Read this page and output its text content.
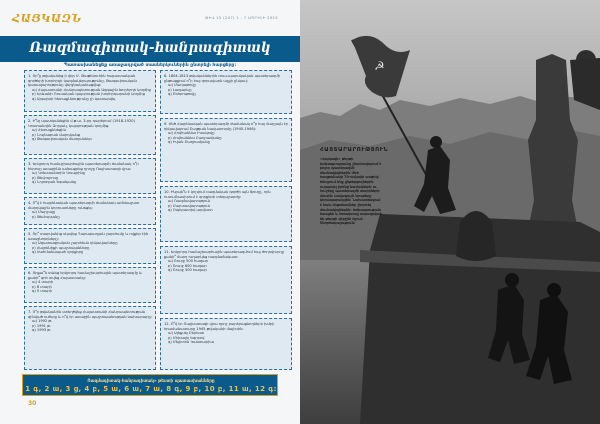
ՀԱՅԿԱԶՆ	ԹԻՎ 15 (207) 1 - 7 ԱՊՐԻԼԻ 2015
Ռազմագիտակ-հանրագիտակ
Պատասխանեցեք առաջադրված տասներկուներին ընտրելի հարցերը:
1. Որ՞ը թվականից ի վեր Մ. Թաթենուհին հայաստանյան գործերի խորհրդի կազմակերպությունը, Թագավորական կառավարությունը վերջնականացվեց:
ա) Հայաստանի Հանրապետության Ազգային Խորհրդի կողմից
բ) Երևանի Ռուսական կայսրության խորհրդարանի կողմից
գ) Այդպիսի հետաքննությունը չի կատարվել
2. Ի՞նչ պատկանեցին մ.թ.ա. 3-րդ դարերում (1918-1920) Կոստանդին Զորյակ, կայսրության կողմից.
ա) Հետաքննեցին
բ) Նույնաբան մարդկանց
գ) Թագավորական մատյաններ
3. Երկրորդ համաշխարհային պատերազմի ժամանակ ո՞ր հերոսը առաջինն ամրացրեց դրոշը Ռայխստագի վրա:
ա) Կոնստանտին Կուպրինը
բ) Թեվոդրոսը
գ) Նոյոտյան Եգանյանը
4. Ո՞վ է հայրենական պատերազմի ժամանակ ամենաշատ մարդկային կորուստները ունեցել:
ա) Մարշալը
բ) Թեմուրյանը
5. Որ՞ տարվանից սկսվեց Ղարաբաղյան շարժումը և ովքեր էին առաջնորդները:
ա) Ազատագրական շարժման ղեկավարները
բ) Հայրենիքի պաշտպանները
գ) Սահմանապահ զորքերը
6. Որքա՞ն տևեց երկրորդ համաշխարհային պատերազմը և քանի՞ զոհ տվեց Հայաստանը:
ա) 4 տարի
բ) 6 տարի
գ) 5 տարի
7. Ո՞ր թվականին ստեղծվեց Հայաստանի Հանրապետության զինված ուժերը և ո՞վ էր առաջին պաշտպանության նախարարը:
ա) 1992 թ.
բ) 1991 թ.
գ) 1993 թ.
8. 1804-1813 թվականներին ռուս-պարսկական պատերազմի ընթացքում ո՞ր հայ զորավարն աչքի ընկավ:
ա) Մադաթովը
բ) Լազարևը
գ) Բեհբութովը
9. Մեծ Հայրենական պատերազմի ժամանակ ո՞ր հայ մարշալն էր ղեկավարում Բալթյան նավատորմը (1945-1946):
ա) Հովհաննես Իսակովը
բ) Հովհաննես Բաղրամյանը
գ) Իվան Բաղրամյանը
10. Ինչպե՞ս է կոչվում ռազմական գործի այն ճյուղը, որն ուսումնասիրում է զորքերի տեղաշարժը:
ա) Ռազմավարություն
բ) Մարտավարություն
գ) Օպերատիվ արվեստ
11. Երկրորդ համաշխարհային պատերազմում հայ ժողովուրդը քանի՞ մարդ ուղարկեց ռազմաճակատ:
ա) Շուրջ 500 հազար
բ) Շուրջ 600 հազար
գ) Շուրջ 300 հազար
12. Ո՞վ էր Ռայխստագի վրա դրոշ բարձրացնողների խմբի հրամանատարը 1945 թվականի մայիսին:
ա) Ալեքսեյ Բերեստ
բ) Միխայիլ Եգորով
գ) Մելիտոն Կանտարիա
Ռազմագիտակ-հանրագիտակ» թեստի պատասխանները
1 գ, 2 ա, 3 ց, 4 բ, 5 ա, 6 ա, 7 ա, 8 գ, 9 բ, 10 բ, 11 ա, 12 գ:
30
☭
ՀԱՅՏԱՐԱՐՈՒԹՅՈՒՆ
«Հայկազն» թերթի խմբագրությունը շնորհավորում է բոլոր պատերազմի մասնակիցներին Մեծ հաղթանակի 70-ամյակի առթիվ։ Խնդրում ենք ընթերցողներին ուղարկել իրենց նամակներն ու հուշերը պատերազմի տարիների մասին։ Լավագույն նյութերը կհրապարակվեն։ Նախատեսվում է նաև մրցանակներ շնորհել մասնակիցներին։ Խմբագրության հասցեն և հեռախոսը տպագրված են թերթի վերջին էջում։ Շնորհակալություն։
